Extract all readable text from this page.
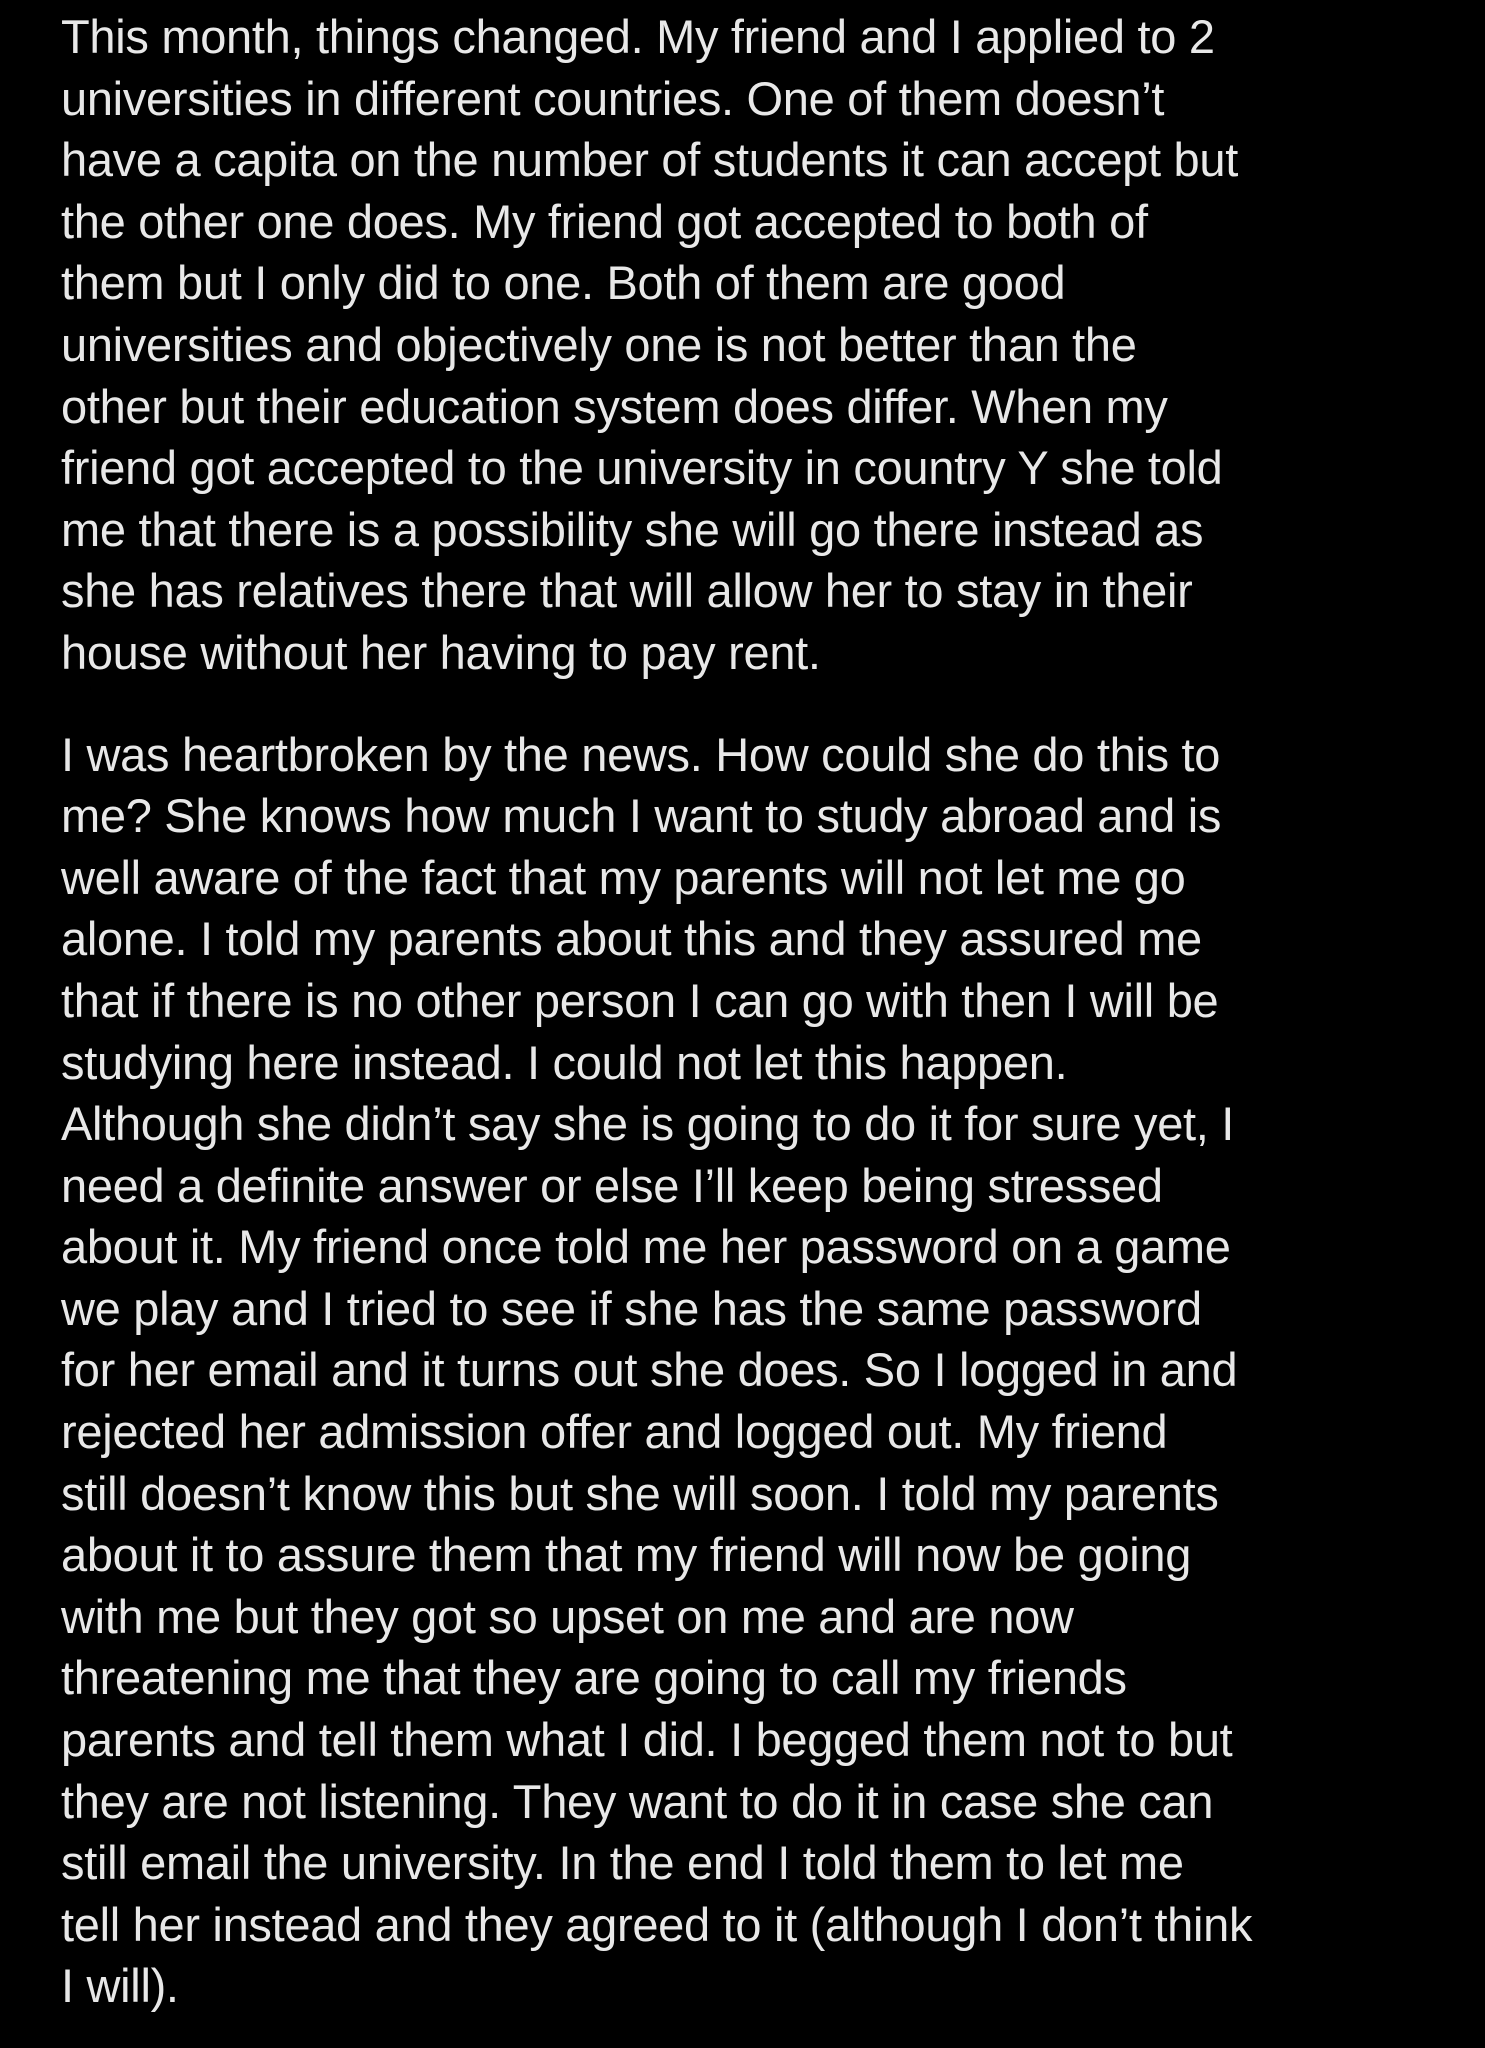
This month, things changed. My friend and I applied to 2
universities in different countries. One of them doesn’t
have a capita on the number of students it can accept but
the other one does. My friend got accepted to both of
them but I only did to one. Both of them are good
universities and objectively one is not better than the
other but their education system does differ. When my
friend got accepted to the university in country Y she told
me that there is a possibility she will go there instead as
she has relatives there that will allow her to stay in their
house without her having to pay rent.

I was heartbroken by the news. How could she do this to
me? She knows how much I want to study abroad and is
well aware of the fact that my parents will not let me go
alone. I told my parents about this and they assured me
that if there is no other person I can go with then I will be
studying here instead. I could not let this happen.
Although she didn’t say she is going to do it for sure yet, I
need a definite answer or else I’ll keep being stressed
about it. My friend once told me her password on a game
we play and I tried to see if she has the same password
for her email and it turns out she does. So I logged in and
rejected her admission offer and logged out. My friend
still doesn’t know this but she will soon. I told my parents
about it to assure them that my friend will now be going
with me but they got so upset on me and are now
threatening me that they are going to call my friends
parents and tell them what I did. I begged them not to but
they are not listening. They want to do it in case she can
still email the university. In the end I told them to let me
tell her instead and they agreed to it (although I don’t think
I will).
